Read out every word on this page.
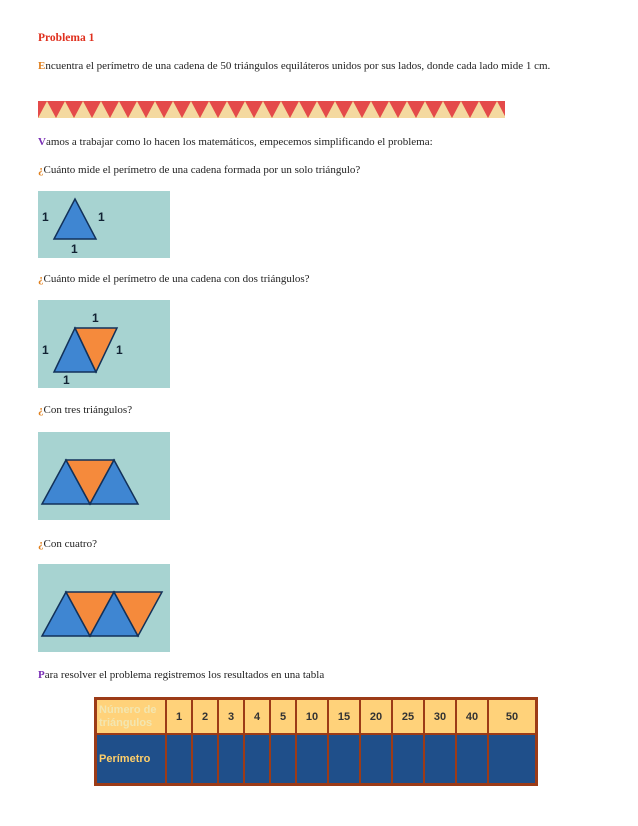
Problema 1

Encuentra el perímetro de una cadena de 50 triángulos equiláteros unidos por sus lados, donde cada lado mide 1 cm.

Vamos a trabajar como lo hacen los matemáticos, empecemos simplificando el problema:

¿Cuánto mide el perímetro de una cadena formada por un solo triángulo?

1	1
1

¿Cuánto mide el perímetro de una cadena con dos triángulos?

1
1	1
1

¿Con tres triángulos?

¿Con cuatro?

Para resolver el problema registremos los resultados en una tabla

Número de triángulos	1	2	3	4	5	10	15	20	25	30	40	50
Perímetro												
